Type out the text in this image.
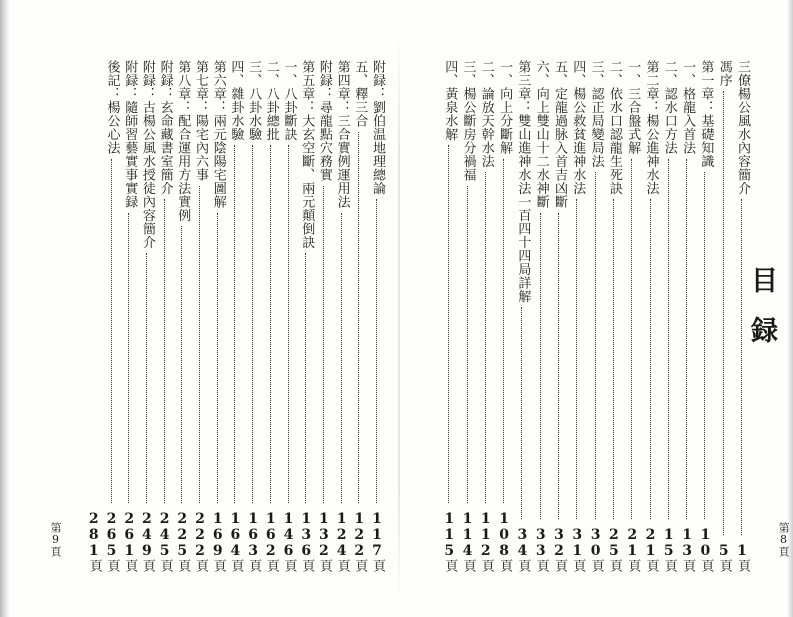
目
録
三僚楊公風水內容簡介
1頁
馮序
5頁
第一章：基礎知識
10頁
一、格龍入首法
13頁
二、認水口方法
15頁
第二章：楊公進神水法
21頁
一、三合盤式解
21頁
二、依水口認龍生死訣
25頁
三、認正局變局法
30頁
四、楊公救貧進神水法
31頁
五、定龍過脉入首吉凶斷
32頁
六、向上雙山十二水神斷
33頁
第三章：雙山進神水法一百四十四局詳解
34頁
一、向上分斷解
108頁
二、論放天幹水法
112頁
三、楊公斷房分禍福
114頁
四、黃泉水解
115頁
第8頁
附録：劉伯温地理總論
117頁
五、釋三合
122頁
第四章：三合實例運用法
124頁
附録：尋龍點穴務實
132頁
第五章：大玄空斷、兩元顛倒訣
136頁
一、八卦斷訣
146頁
二、八卦總批
162頁
三、八卦水驗
163頁
四、雜卦水驗
164頁
第六章：兩元陰陽宅圖解
169頁
第七章：陽宅內六事
222頁
第八章：配合運用方法實例
225頁
附録：玄命藏書室簡介
245頁
附録：古楊公風水授徒內容簡介
249頁
附録：隨師習藝實事實録
261頁
後記：楊公心法
265頁
281頁
第9頁
